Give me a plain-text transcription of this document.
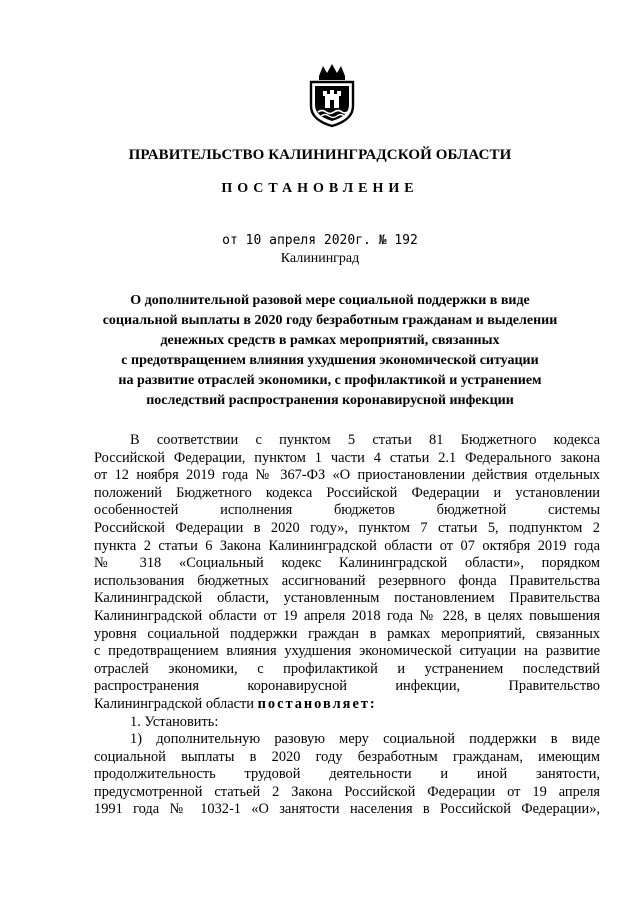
ПРАВИТЕЛЬСТВО КАЛИНИНГРАДСКОЙ ОБЛАСТИ
ПОСТАНОВЛЕНИЕ
от 10 апреля 2020г. № 192
Калининград
О дополнительной разовой мере социальной поддержки в виде
социальной выплаты в 2020 году безработным гражданам и выделении
денежных средств в рамках мероприятий, связанных
с предотвращением влияния ухудшения экономической ситуации
на развитие отраслей экономики, с профилактикой и устранением
последствий распространения коронавирусной инфекции
В соответствии с пунктом 5 статьи 81 Бюджетного кодекса
Российской Федерации, пунктом 1 части 4 статьи 2.1 Федерального закона
от 12 ноября 2019 года № 367-ФЗ «О приостановлении действия отдельных
положений Бюджетного кодекса Российской Федерации и установлении
особенностей исполнения бюджетов бюджетной системы
Российской Федерации в 2020 году», пунктом 7 статьи 5, подпунктом 2
пункта 2 статьи 6 Закона Калининградской области от 07 октября 2019 года
№ 318 «Социальный кодекс Калининградской области», порядком
использования бюджетных ассигнований резервного фонда Правительства
Калининградской области, установленным постановлением Правительства
Калининградской области от 19 апреля 2018 года № 228, в целях повышения
уровня социальной поддержки граждан в рамках мероприятий, связанных
с предотвращением влияния ухудшения экономической ситуации на развитие
отраслей экономики, с профилактикой и устранением последствий
распространения коронавирусной инфекции, Правительство
Калининградской области постановляет:
1. Установить:
1) дополнительную разовую меру социальной поддержки в виде
социальной выплаты в 2020 году безработным гражданам, имеющим
продолжительность трудовой деятельности и иной занятости,
предусмотренной статьей 2 Закона Российской Федерации от 19 апреля
1991 года № 1032-1 «О занятости населения в Российской Федерации»,
